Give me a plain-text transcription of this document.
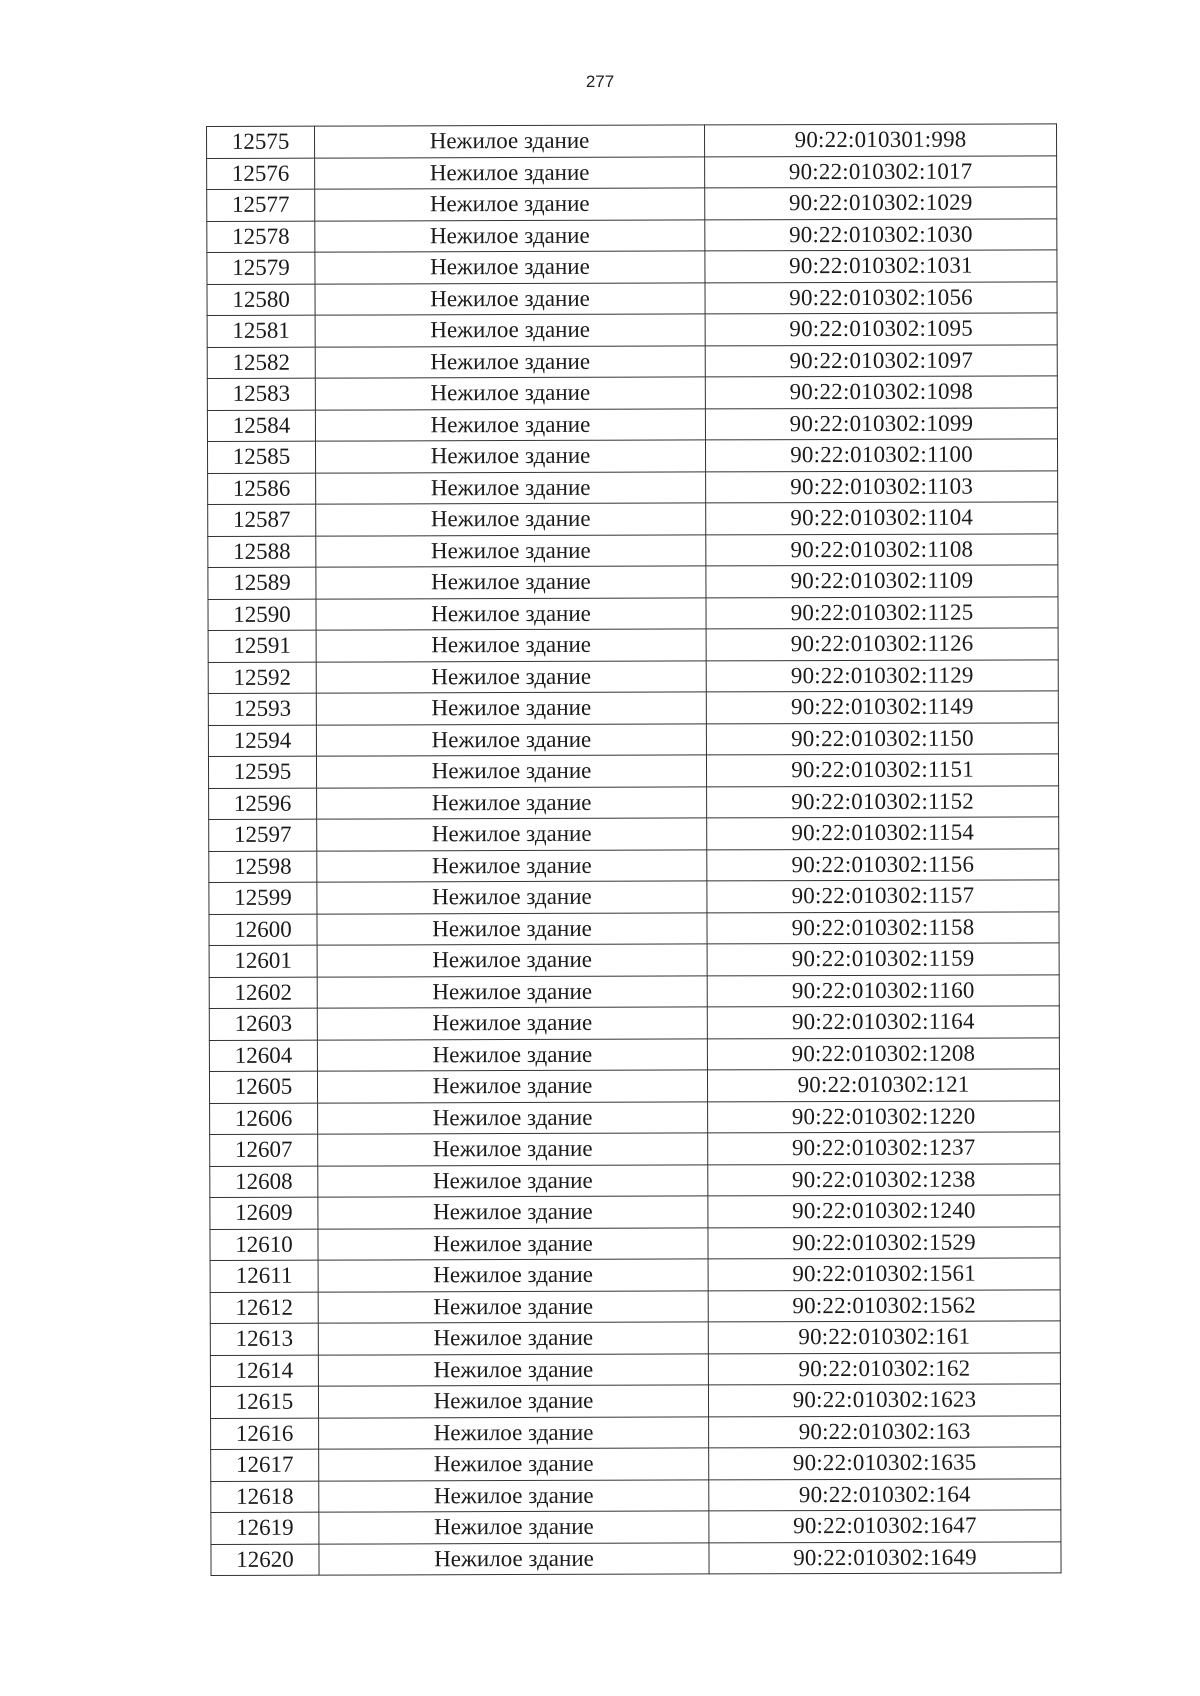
277
12575	Нежилое здание	90:22:010301:998
12576	Нежилое здание	90:22:010302:1017
12577	Нежилое здание	90:22:010302:1029
12578	Нежилое здание	90:22:010302:1030
12579	Нежилое здание	90:22:010302:1031
12580	Нежилое здание	90:22:010302:1056
12581	Нежилое здание	90:22:010302:1095
12582	Нежилое здание	90:22:010302:1097
12583	Нежилое здание	90:22:010302:1098
12584	Нежилое здание	90:22:010302:1099
12585	Нежилое здание	90:22:010302:1100
12586	Нежилое здание	90:22:010302:1103
12587	Нежилое здание	90:22:010302:1104
12588	Нежилое здание	90:22:010302:1108
12589	Нежилое здание	90:22:010302:1109
12590	Нежилое здание	90:22:010302:1125
12591	Нежилое здание	90:22:010302:1126
12592	Нежилое здание	90:22:010302:1129
12593	Нежилое здание	90:22:010302:1149
12594	Нежилое здание	90:22:010302:1150
12595	Нежилое здание	90:22:010302:1151
12596	Нежилое здание	90:22:010302:1152
12597	Нежилое здание	90:22:010302:1154
12598	Нежилое здание	90:22:010302:1156
12599	Нежилое здание	90:22:010302:1157
12600	Нежилое здание	90:22:010302:1158
12601	Нежилое здание	90:22:010302:1159
12602	Нежилое здание	90:22:010302:1160
12603	Нежилое здание	90:22:010302:1164
12604	Нежилое здание	90:22:010302:1208
12605	Нежилое здание	90:22:010302:121
12606	Нежилое здание	90:22:010302:1220
12607	Нежилое здание	90:22:010302:1237
12608	Нежилое здание	90:22:010302:1238
12609	Нежилое здание	90:22:010302:1240
12610	Нежилое здание	90:22:010302:1529
12611	Нежилое здание	90:22:010302:1561
12612	Нежилое здание	90:22:010302:1562
12613	Нежилое здание	90:22:010302:161
12614	Нежилое здание	90:22:010302:162
12615	Нежилое здание	90:22:010302:1623
12616	Нежилое здание	90:22:010302:163
12617	Нежилое здание	90:22:010302:1635
12618	Нежилое здание	90:22:010302:164
12619	Нежилое здание	90:22:010302:1647
12620	Нежилое здание	90:22:010302:1649
